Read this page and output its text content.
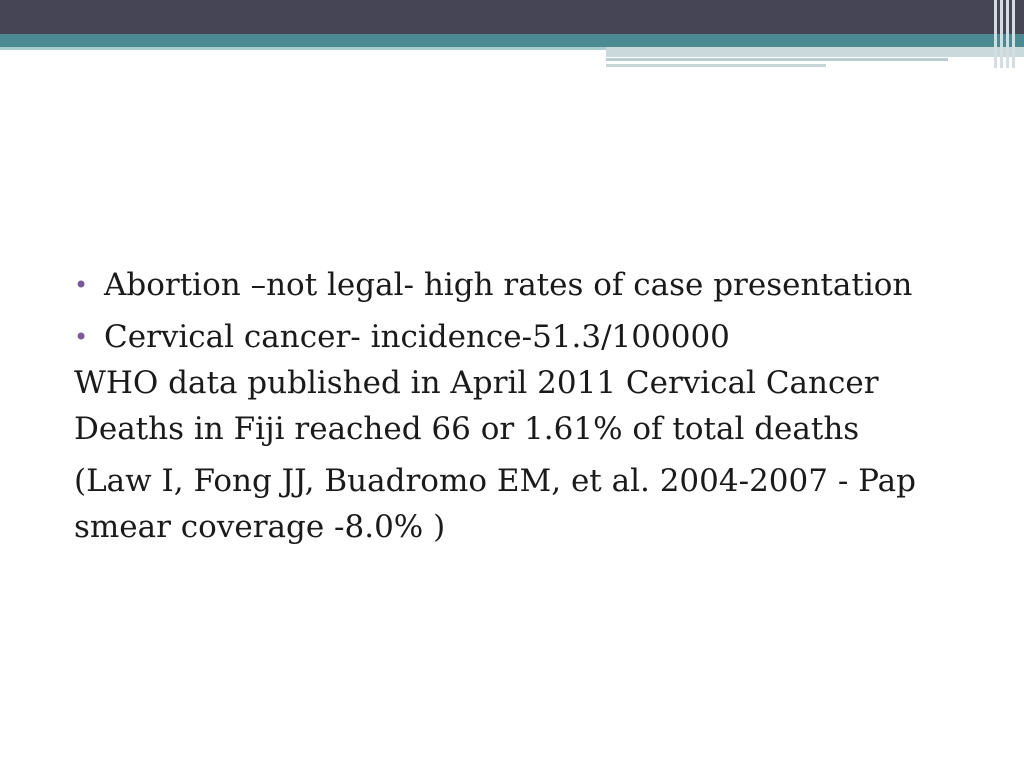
• Abortion –not legal- high rates of case presentation

• Cervical cancer- incidence-51.3/100000

WHO data published in April 2011 Cervical Cancer Deaths in Fiji reached 66 or 1.61% of total deaths

(Law I, Fong JJ, Buadromo EM, et al. 2004-2007 - Pap smear coverage -8.0% )
